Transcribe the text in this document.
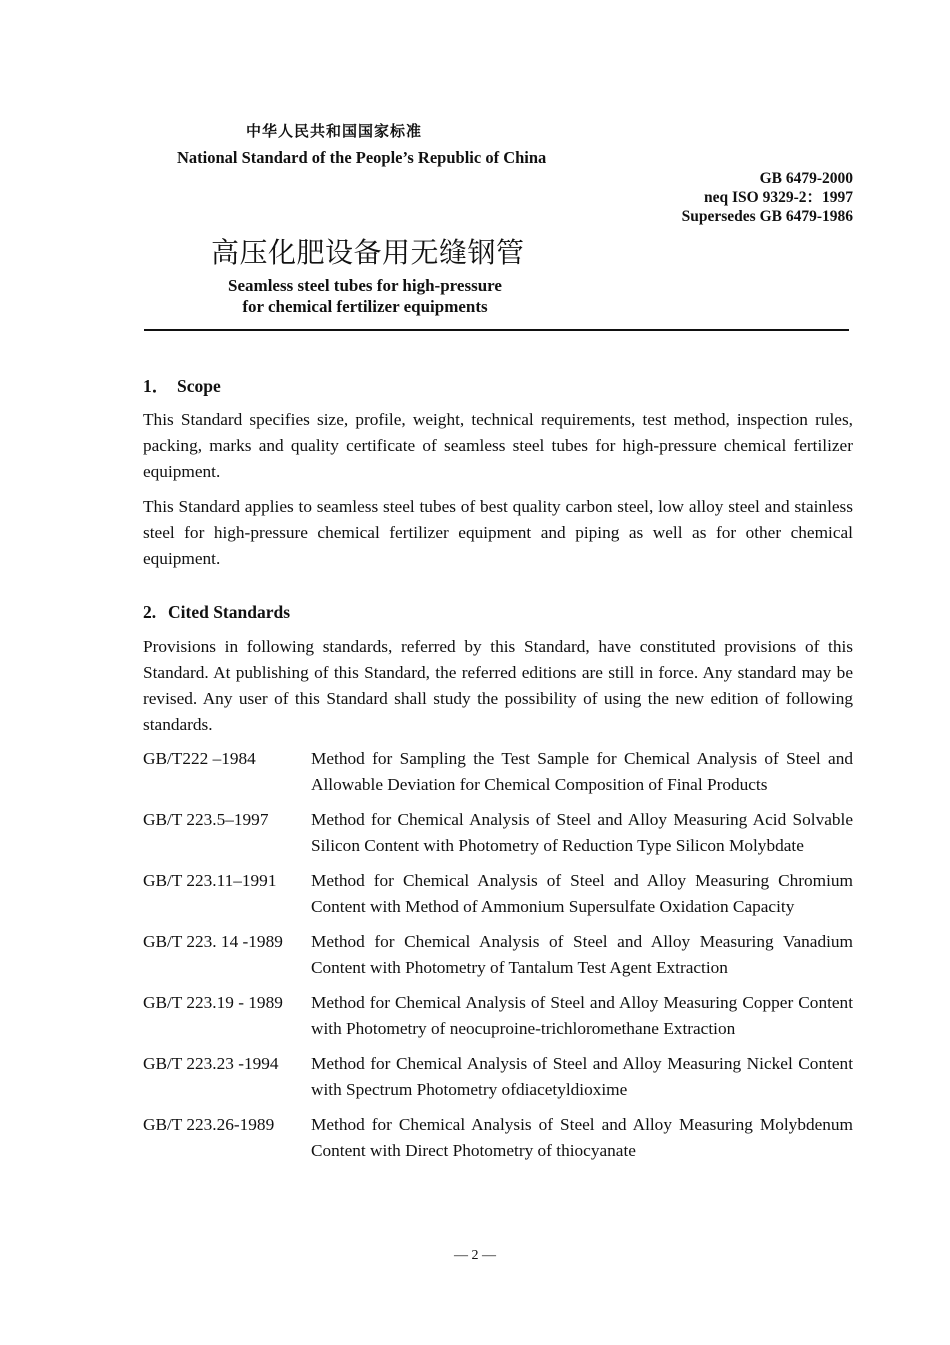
中华人民共和国国家标准
National Standard of the People’s Republic of China
GB 6479-2000
neq ISO 9329-2：1997
Supersedes GB 6479-1986
高压化肥设备用无缝钢管
Seamless steel tubes for high-pressure
for chemical fertilizer equipments
1． Scope
This Standard specifies size, profile, weight, technical requirements, test method, inspection rules, packing, marks and quality certificate of seamless steel tubes for high-pressure chemical fertilizer equipment.
This Standard applies to seamless steel tubes of best quality carbon steel, low alloy steel and stainless steel for high-pressure chemical fertilizer equipment and piping as well as for other chemical equipment.
2. Cited Standards
Provisions in following standards, referred by this Standard, have constituted provisions of this Standard. At publishing of this Standard, the referred editions are still in force. Any standard may be revised. Any user of this Standard shall study the possibility of using the new edition of following standards.
GB/T222 –1984	Method for Sampling the Test Sample for Chemical Analysis of Steel and Allowable Deviation for Chemical Composition of Final Products
GB/T 223.5–1997	Method for Chemical Analysis of Steel and Alloy Measuring Acid Solvable Silicon Content with Photometry of Reduction Type Silicon Molybdate
GB/T 223.11–1991	Method for Chemical Analysis of Steel and Alloy Measuring Chromium Content with Method of Ammonium Supersulfate Oxidation Capacity
GB/T 223. 14 -1989	Method for Chemical Analysis of Steel and Alloy Measuring Vanadium Content with Photometry of Tantalum Test Agent Extraction
GB/T 223.19 - 1989	Method for Chemical Analysis of Steel and Alloy Measuring Copper Content with Photometry of neocuproine-trichloromethane Extraction
GB/T 223.23 -1994	Method for Chemical Analysis of Steel and Alloy Measuring Nickel Content with Spectrum Photometry ofdiacetyldioxime
GB/T 223.26-1989	Method for Chemical Analysis of Steel and Alloy Measuring Molybdenum Content with Direct Photometry of thiocyanate
— 2 —
